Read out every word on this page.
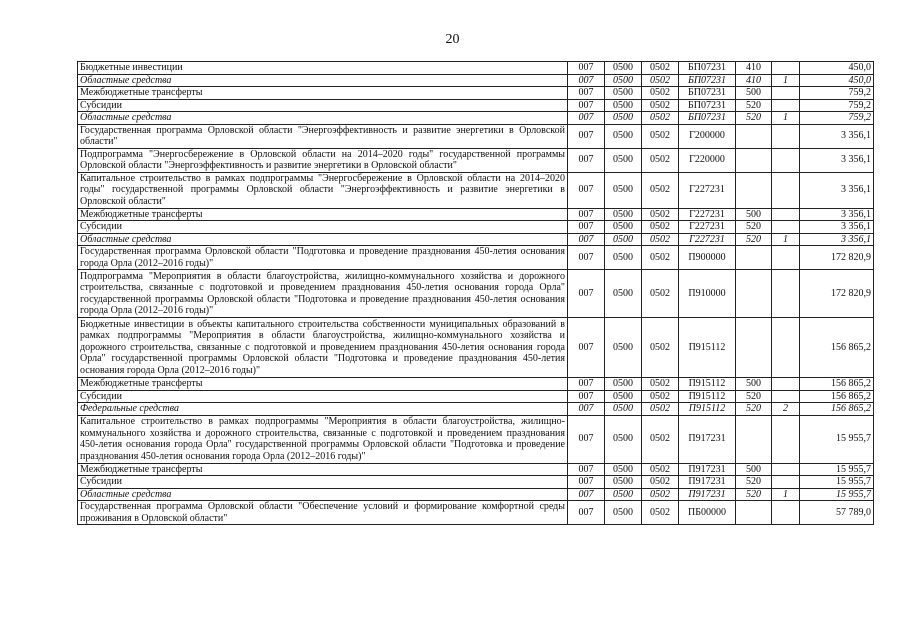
20
Бюджетные инвестиции	007	0500	0502	БП07231	410		450,0
Областные средства	007	0500	0502	БП07231	410	1	450,0
Межбюджетные трансферты	007	0500	0502	БП07231	500		759,2
Субсидии	007	0500	0502	БП07231	520		759,2
Областные средства	007	0500	0502	БП07231	520	1	759,2
Государственная программа Орловской области "Энергоэффективность и развитие энергетики в Орловской области"	007	0500	0502	Г200000			3 356,1
Подпрограмма "Энергосбережение в Орловской области на 2014–2020 годы" государственной программы Орловской области "Энергоэффективность и развитие энергетики в Орловской области"	007	0500	0502	Г220000			3 356,1
Капитальное строительство в рамках подпрограммы "Энергосбережение в Орловской области на 2014–2020 годы" государственной программы Орловской области "Энергоэффективность и развитие энергетики в Орловской области"	007	0500	0502	Г227231			3 356,1
Межбюджетные трансферты	007	0500	0502	Г227231	500		3 356,1
Субсидии	007	0500	0502	Г227231	520		3 356,1
Областные средства	007	0500	0502	Г227231	520	1	3 356,1
Государственная программа Орловской области "Подготовка и проведение празднования 450-летия основания города Орла (2012–2016 годы)"	007	0500	0502	П900000			172 820,9
Подпрограмма "Мероприятия в области благоустройства, жилищно-коммунального хозяйства и дорожного строительства, связанные с подготовкой и проведением празднования 450-летия основания города Орла" государственной программы Орловской области "Подготовка и проведение празднования 450-летия основания города Орла (2012–2016 годы)"	007	0500	0502	П910000			172 820,9
Бюджетные инвестиции в объекты капитального строительства собственности муниципальных образований в рамках подпрограммы "Мероприятия в области благоустройства, жилищно-коммунального хозяйства и дорожного строительства, связанные с подготовкой и проведением празднования 450-летия основания города Орла" государственной программы Орловской области "Подготовка и проведение празднования 450-летия основания города Орла (2012–2016 годы)"	007	0500	0502	П915112			156 865,2
Межбюджетные трансферты	007	0500	0502	П915112	500		156 865,2
Субсидии	007	0500	0502	П915112	520		156 865,2
Федеральные средства	007	0500	0502	П915112	520	2	156 865,2
Капитальное строительство в рамках подпрограммы "Мероприятия в области благоустройства, жилищно-коммунального хозяйства и дорожного строительства, связанные с подготовкой и проведением празднования 450-летия основания города Орла" государственной программы Орловской области "Подготовка и проведение празднования 450-летия основания города Орла (2012–2016 годы)"	007	0500	0502	П917231			15 955,7
Межбюджетные трансферты	007	0500	0502	П917231	500		15 955,7
Субсидии	007	0500	0502	П917231	520		15 955,7
Областные средства	007	0500	0502	П917231	520	1	15 955,7
Государственная программа Орловской области "Обеспечение условий и формирование комфортной среды проживания в Орловской области"	007	0500	0502	ПБ00000			57 789,0
